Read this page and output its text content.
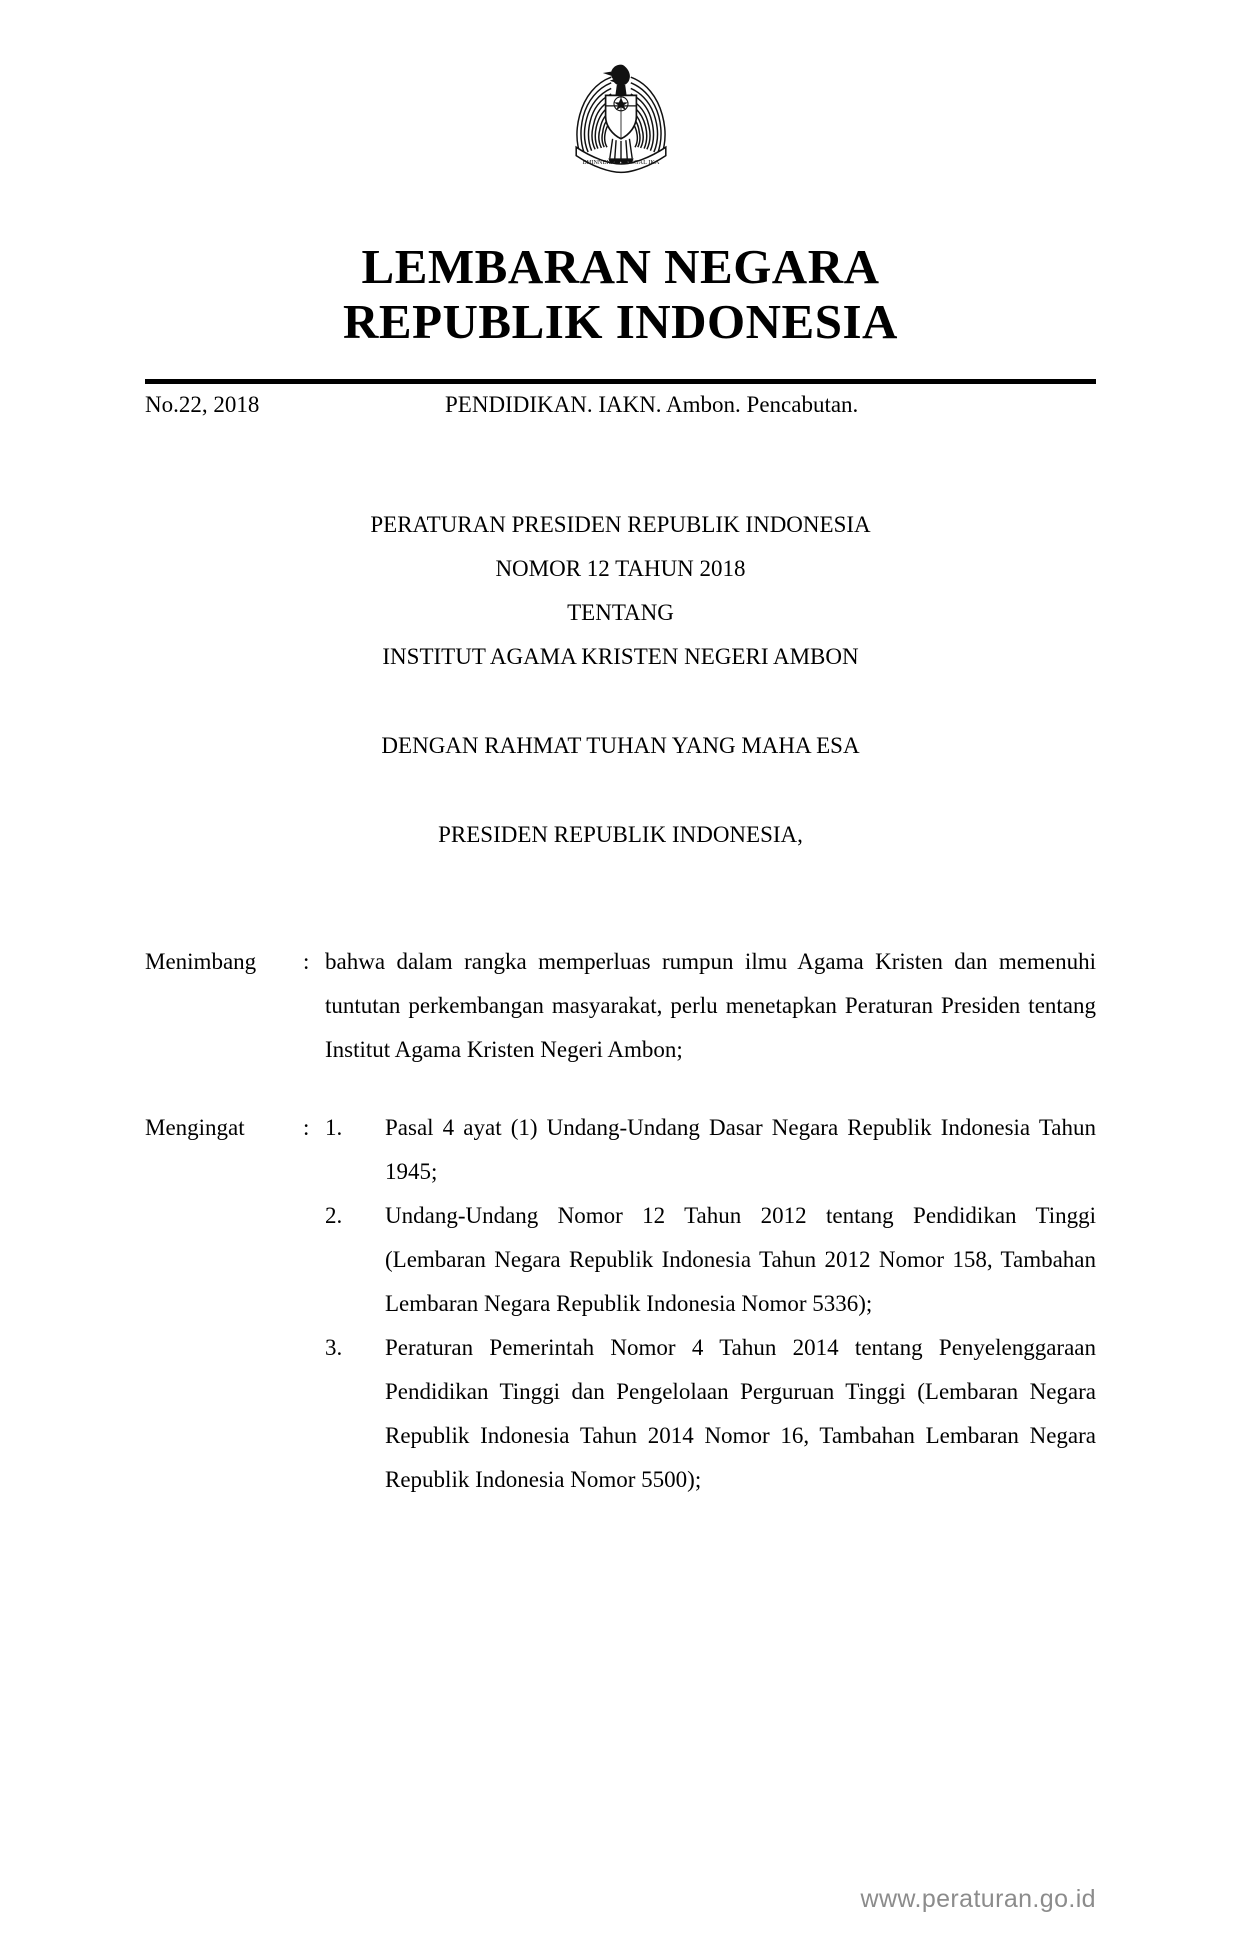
BHINNEKA TUNGGAL IKA
LEMBARAN NEGARA
REPUBLIK INDONESIA
No.22, 2018	PENDIDIKAN. IAKN. Ambon. Pencabutan.
PERATURAN PRESIDEN REPUBLIK INDONESIA
NOMOR 12 TAHUN 2018
TENTANG
INSTITUT AGAMA KRISTEN NEGERI AMBON
DENGAN RAHMAT TUHAN YANG MAHA ESA
PRESIDEN REPUBLIK INDONESIA,
Menimbang	: bahwa dalam rangka memperluas rumpun ilmu Agama Kristen dan memenuhi tuntutan perkembangan masyarakat, perlu menetapkan Peraturan Presiden tentang Institut Agama Kristen Negeri Ambon;
Mengingat	: 1.	Pasal 4 ayat (1) Undang-Undang Dasar Negara Republik Indonesia Tahun 1945;
2.	Undang-Undang Nomor 12 Tahun 2012 tentang Pendidikan Tinggi (Lembaran Negara Republik Indonesia Tahun 2012 Nomor 158, Tambahan Lembaran Negara Republik Indonesia Nomor 5336);
3.	Peraturan Pemerintah Nomor 4 Tahun 2014 tentang Penyelenggaraan Pendidikan Tinggi dan Pengelolaan Perguruan Tinggi (Lembaran Negara Republik Indonesia Tahun 2014 Nomor 16, Tambahan Lembaran Negara Republik Indonesia Nomor 5500);
www.peraturan.go.id
